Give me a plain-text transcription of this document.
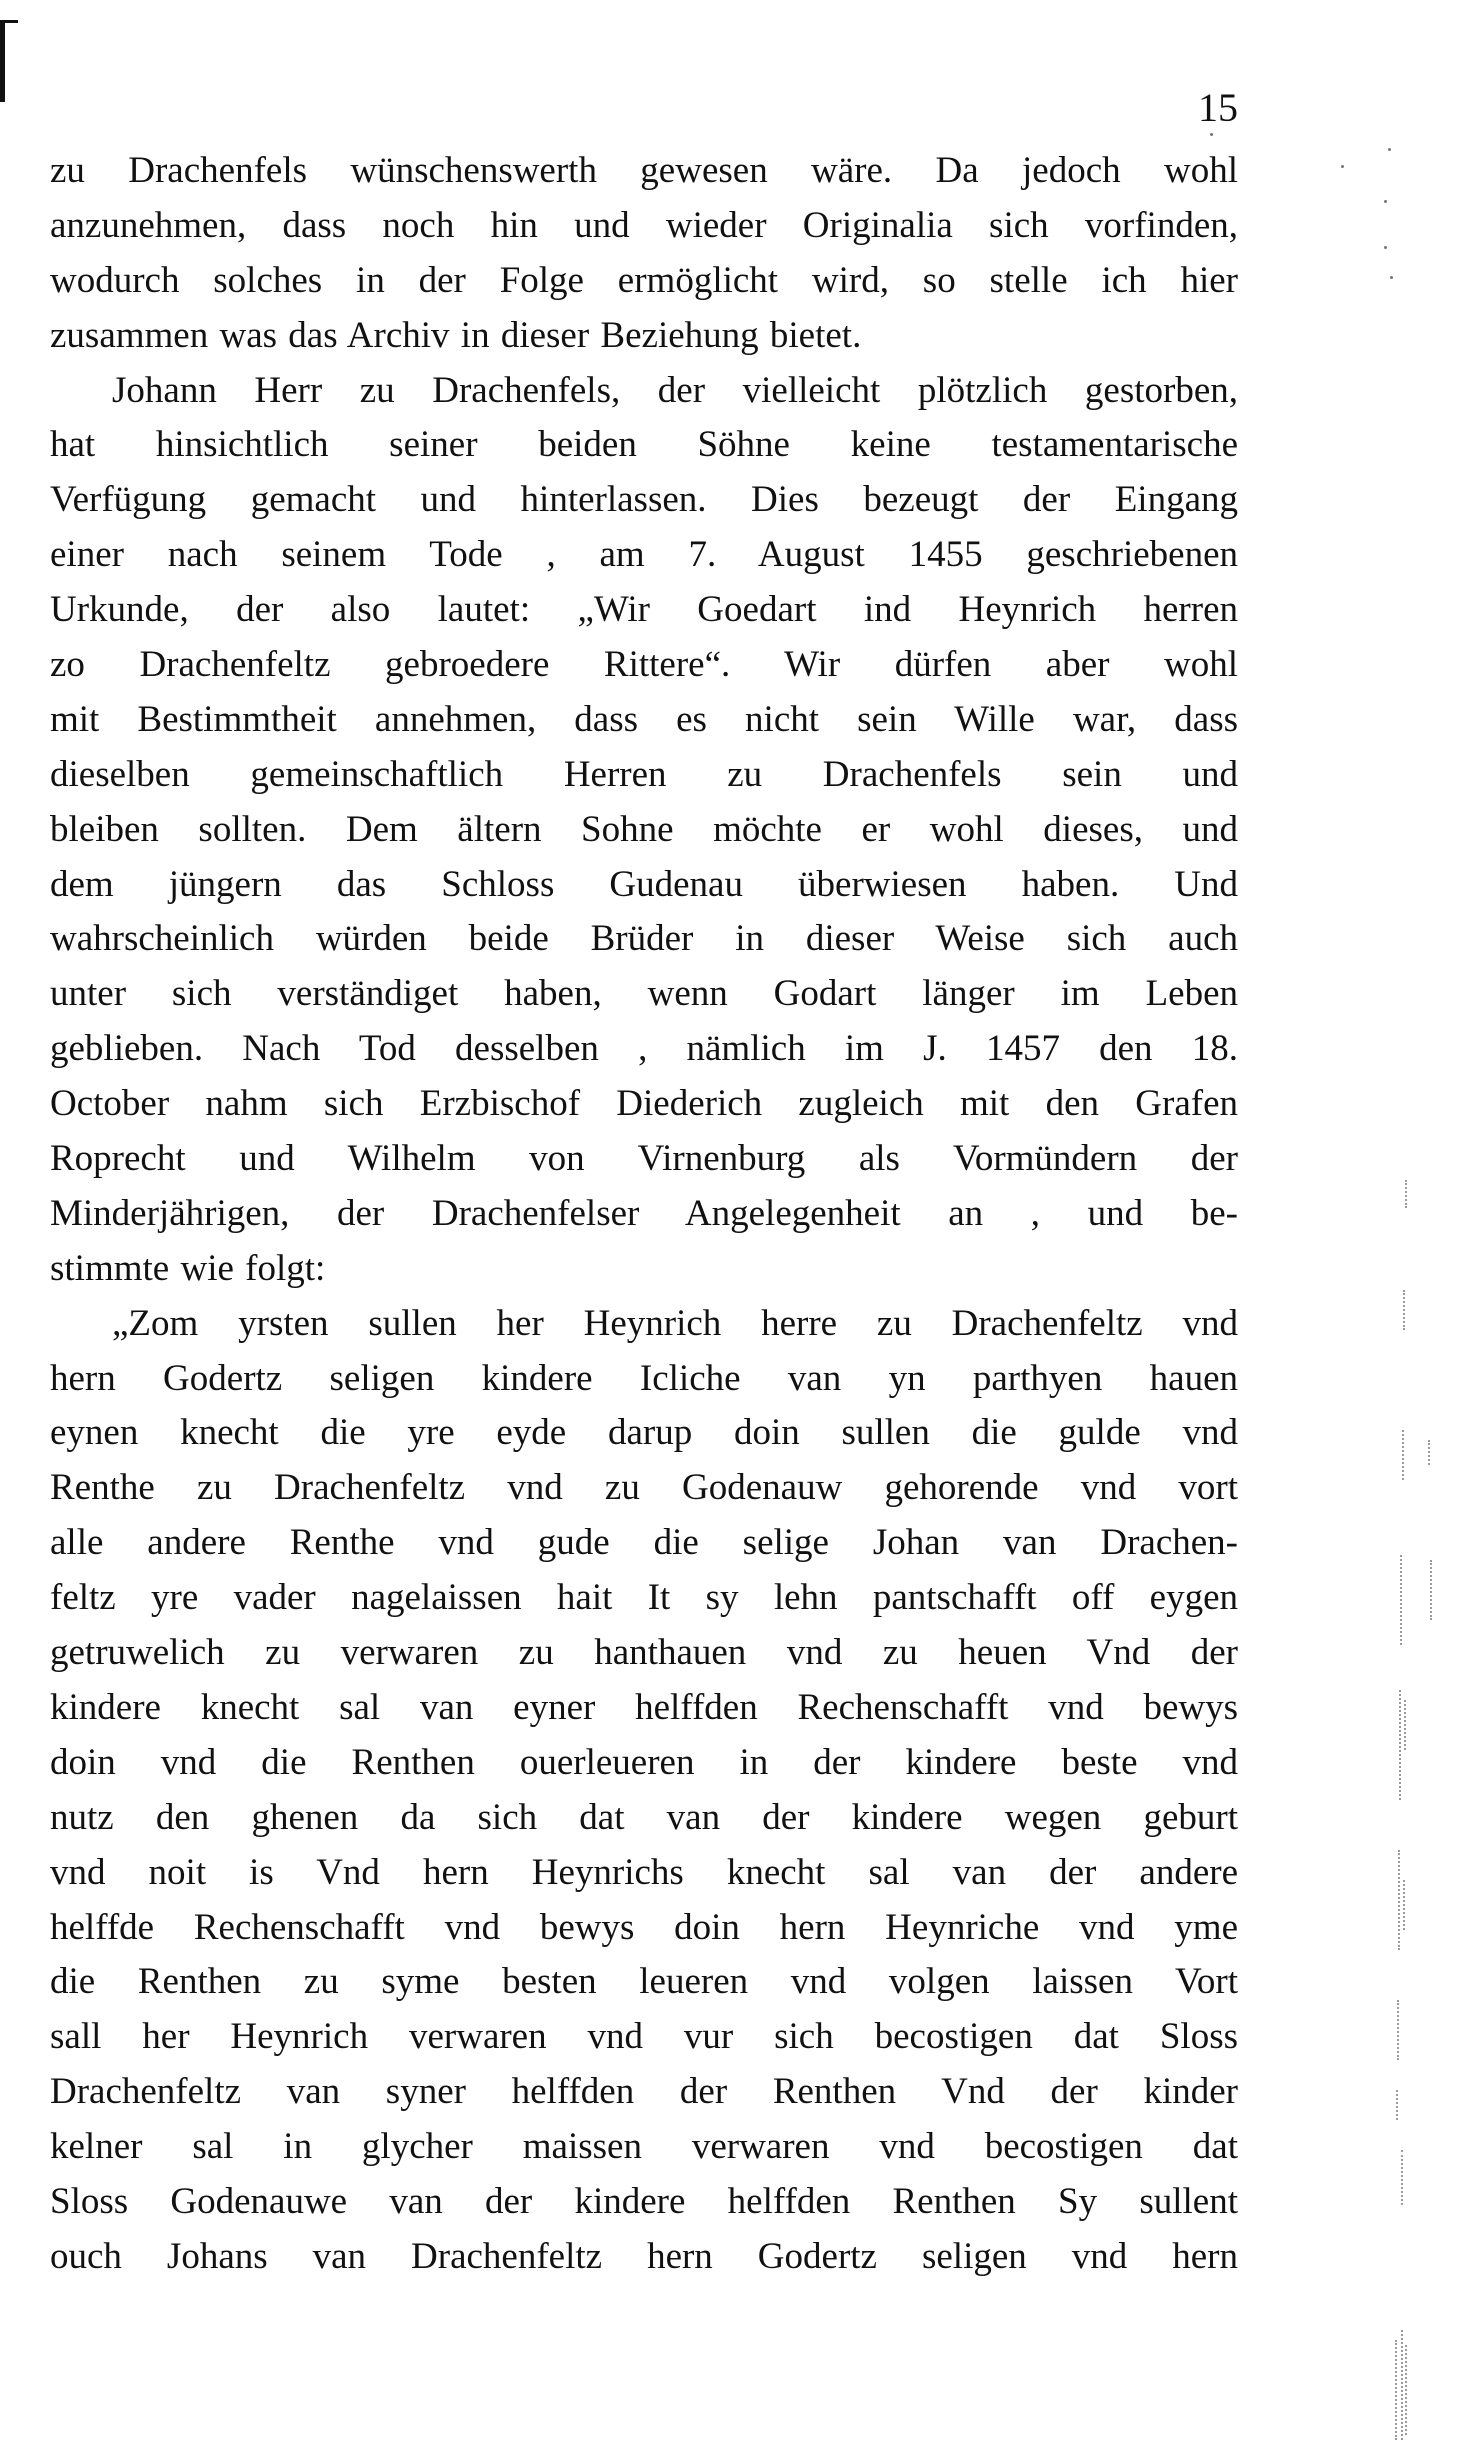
15
zu Drachenfels wünschenswerth gewesen wäre. Da jedoch wohl
anzunehmen, dass noch hin und wieder Originalia sich vorfinden,
wodurch solches in der Folge ermöglicht wird, so stelle ich hier
zusammen was das Archiv in dieser Beziehung bietet.
Johann Herr zu Drachenfels, der vielleicht plötzlich gestorben,
hat hinsichtlich seiner beiden Söhne keine testamentarische
Verfügung gemacht und hinterlassen. Dies bezeugt der Eingang
einer nach seinem Tode , am 7. August 1455 geschriebenen
Urkunde, der also lautet: „Wir Goedart ind Heynrich herren
zo Drachenfeltz gebroedere Rittere“. Wir dürfen aber wohl
mit Bestimmtheit annehmen, dass es nicht sein Wille war, dass
dieselben gemeinschaftlich Herren zu Drachenfels sein und
bleiben sollten. Dem ältern Sohne möchte er wohl dieses, und
dem jüngern das Schloss Gudenau überwiesen haben. Und
wahrscheinlich würden beide Brüder in dieser Weise sich auch
unter sich verständiget haben, wenn Godart länger im Leben
geblieben. Nach Tod desselben , nämlich im J. 1457 den 18.
October nahm sich Erzbischof Diederich zugleich mit den Grafen
Roprecht und Wilhelm von Virnenburg als Vormündern der
Minderjährigen, der Drachenfelser Angelegenheit an , und be-
stimmte wie folgt:
„Zom yrsten sullen her Heynrich herre zu Drachenfeltz vnd
hern Godertz seligen kindere Icliche van yn parthyen hauen
eynen knecht die yre eyde darup doin sullen die gulde vnd
Renthe zu Drachenfeltz vnd zu Godenauw gehorende vnd vort
alle andere Renthe vnd gude die selige Johan van Drachen-
feltz yre vader nagelaissen hait It sy lehn pantschafft off eygen
getruwelich zu verwaren zu hanthauen vnd zu heuen Vnd der
kindere knecht sal van eyner helffden Rechenschafft vnd bewys
doin vnd die Renthen ouerleueren in der kindere beste vnd
nutz den ghenen da sich dat van der kindere wegen geburt
vnd noit is Vnd hern Heynrichs knecht sal van der andere
helffde Rechenschafft vnd bewys doin hern Heynriche vnd yme
die Renthen zu syme besten leueren vnd volgen laissen Vort
sall her Heynrich verwaren vnd vur sich becostigen dat Sloss
Drachenfeltz van syner helffden der Renthen Vnd der kinder
kelner sal in glycher maissen verwaren vnd becostigen dat
Sloss Godenauwe van der kindere helffden Renthen Sy sullent
ouch Johans van Drachenfeltz hern Godertz seligen vnd hern
